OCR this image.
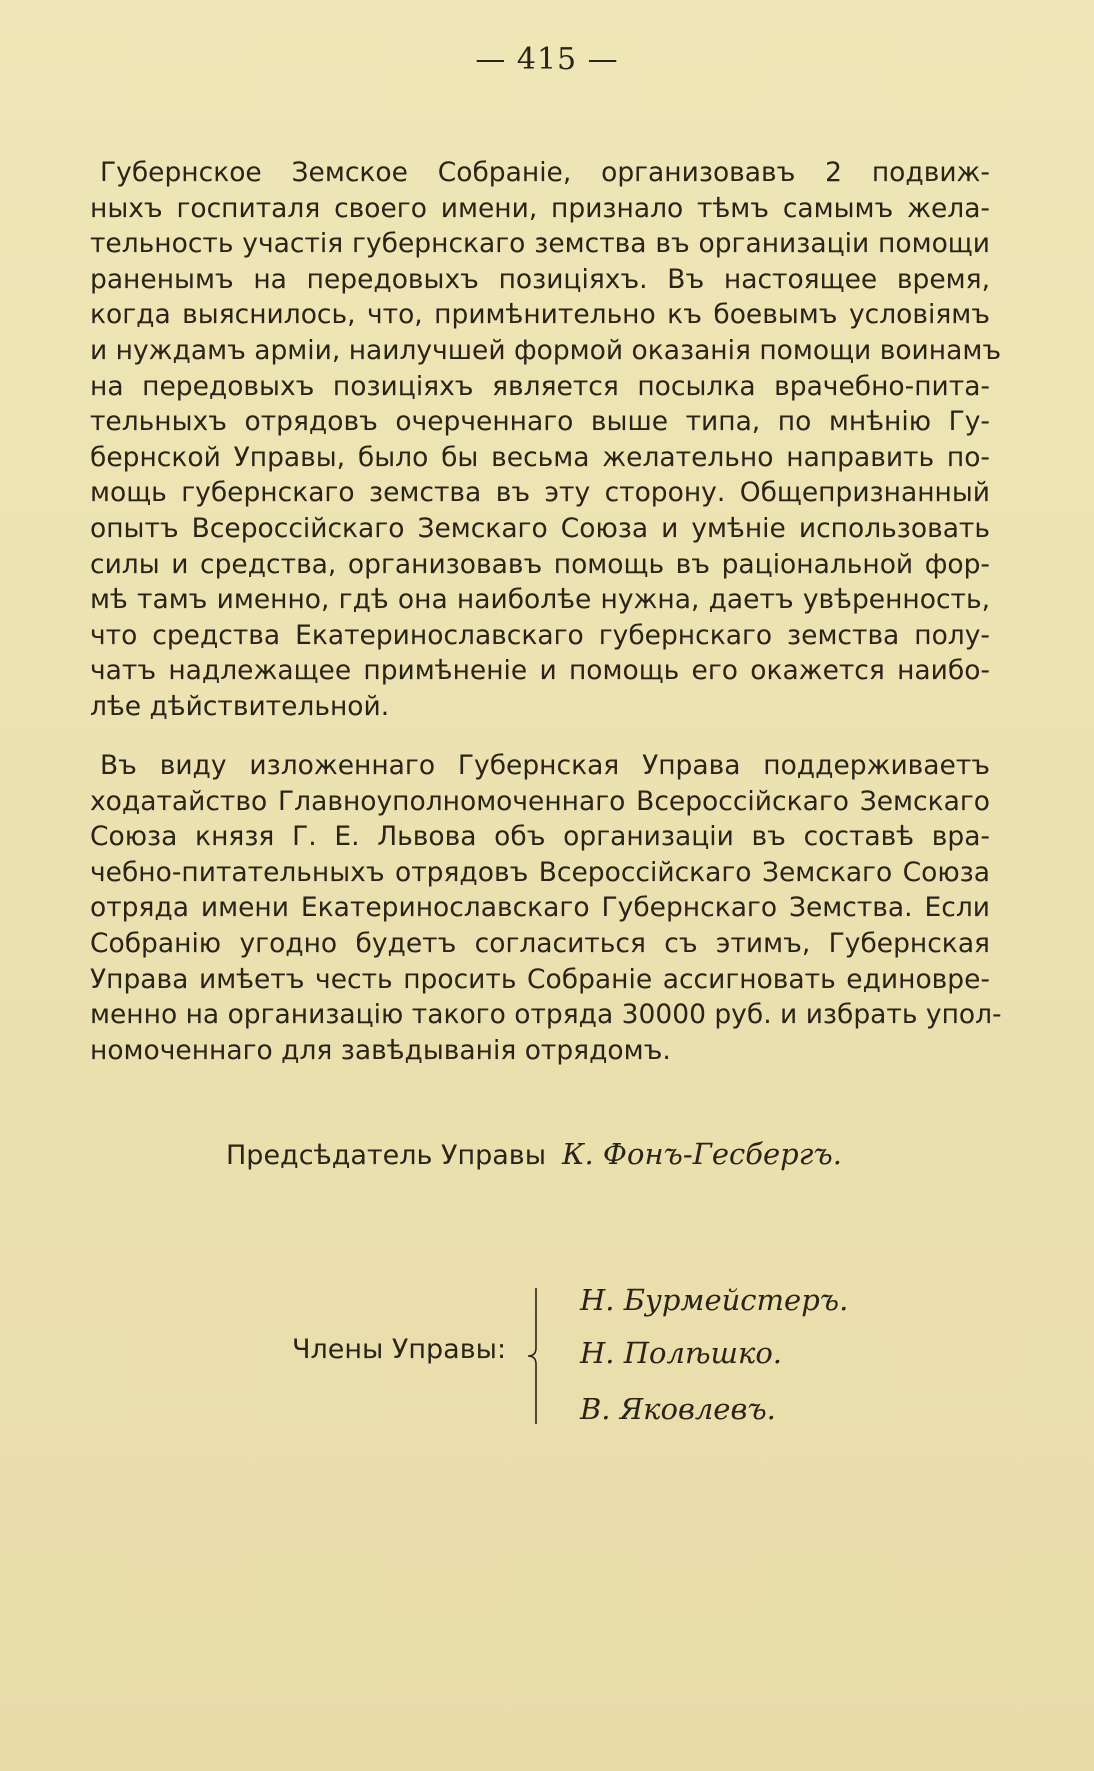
— 415 —
Губернское Земское Собраніе, организовавъ 2 подвиж-
ныхъ госпиталя своего имени, признало тѣмъ самымъ жела-
тельность участія губернскаго земства въ организаціи помощи
раненымъ на передовыхъ позиціяхъ. Въ настоящее время,
когда выяснилось, что, примѣнительно къ боевымъ условіямъ
и нуждамъ арміи, наилучшей формой оказанія помощи воинамъ
на передовыхъ позиціяхъ является посылка врачебно-пита-
тельныхъ отрядовъ очерченнаго выше типа, по мнѣнію Гу-
бернской Управы, было бы весьма желательно направить по-
мощь губернскаго земства въ эту сторону. Общепризнанный
опытъ Всероссійскаго Земскаго Союза и умѣніе использовать
силы и средства, организовавъ помощь въ раціональной фор-
мѣ тамъ именно, гдѣ она наиболѣе нужна, даетъ увѣренность,
что средства Екатеринославскаго губернскаго земства полу-
чатъ надлежащее примѣненіе и помощь его окажется наибо-
лѣе дѣйствительной.
Въ виду изложеннаго Губернская Управа поддерживаетъ
ходатайство Главноуполномоченнаго Всероссійскаго Земскаго
Союза князя Г. Е. Львова объ организаціи въ составѣ вра-
чебно-питательныхъ отрядовъ Всероссійскаго Земскаго Союза
отряда имени Екатеринославскаго Губернскаго Земства. Если
Собранію угодно будетъ согласиться съ этимъ, Губернская
Управа имѣетъ честь просить Собраніе ассигновать единовре-
менно на организацію такого отряда 30000 руб. и избрать упол-
номоченнаго для завѣдыванія отрядомъ.
Предсѣдатель Управы К. Фонъ-Гесбергъ.
Члены Управы:
Н. Бурмейстеръ.
Н. Полѣшко.
В. Яковлевъ.
